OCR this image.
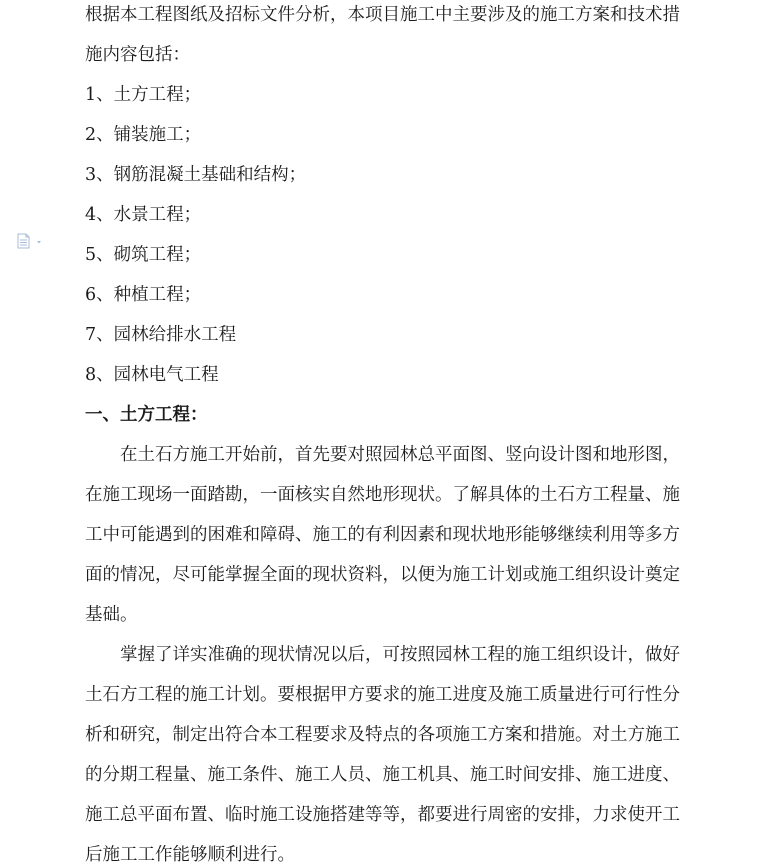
根据本工程图纸及招标文件分析，本项目施工中主要涉及的施工方案和技术措
施内容包括：
1、土方工程；
2、铺装施工；
3、钢筋混凝土基础和结构；
4、水景工程；
5、砌筑工程；
6、种植工程；
7、园林给排水工程
8、园林电气工程
一、土方工程：
在土石方施工开始前，首先要对照园林总平面图、竖向设计图和地形图，
在施工现场一面踏勘，一面核实自然地形现状。了解具体的土石方工程量、施
工中可能遇到的困难和障碍、施工的有利因素和现状地形能够继续利用等多方
面的情况，尽可能掌握全面的现状资料，以便为施工计划或施工组织设计奠定
基础。
掌握了详实准确的现状情况以后，可按照园林工程的施工组织设计，做好
土石方工程的施工计划。要根据甲方要求的施工进度及施工质量进行可行性分
析和研究，制定出符合本工程要求及特点的各项施工方案和措施。对土方施工
的分期工程量、施工条件、施工人员、施工机具、施工时间安排、施工进度、
施工总平面布置、临时施工设施搭建等等，都要进行周密的安排，力求使开工
后施工工作能够顺利进行。
